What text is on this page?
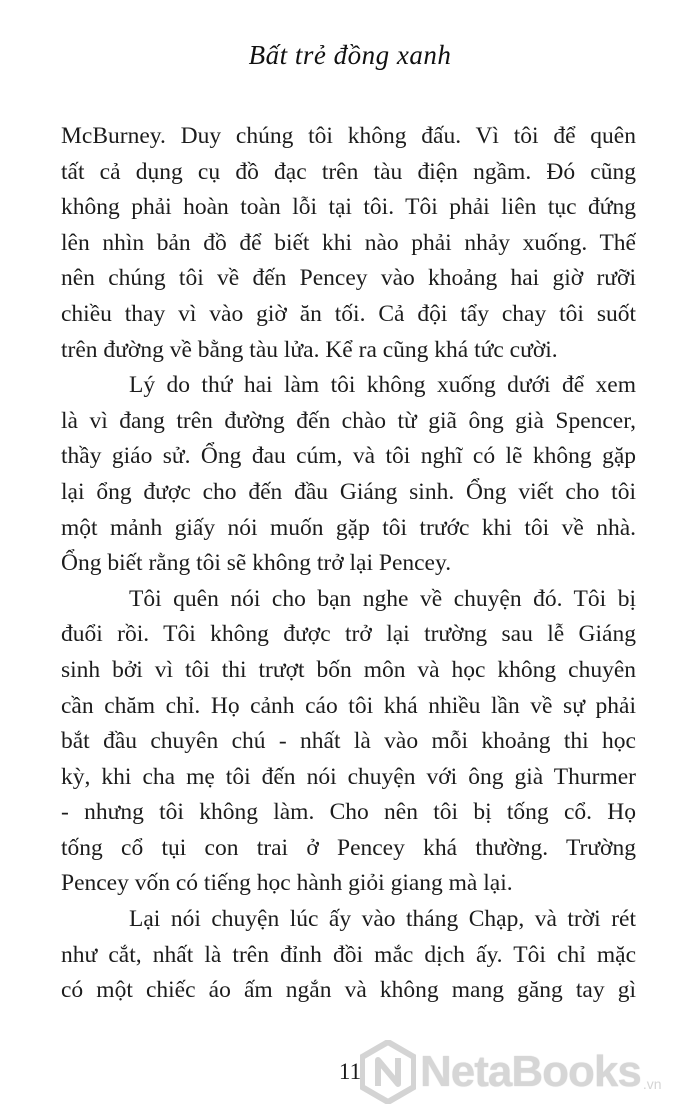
Bất trẻ đồng xanh
McBurney. Duy chúng tôi không đấu. Vì tôi để quên
tất cả dụng cụ đồ đạc trên tàu điện ngầm. Đó cũng
không phải hoàn toàn lỗi tại tôi. Tôi phải liên tục đứng
lên nhìn bản đồ để biết khi nào phải nhảy xuống. Thế
nên chúng tôi về đến Pencey vào khoảng hai giờ rưỡi
chiều thay vì vào giờ ăn tối. Cả đội tẩy chay tôi suốt
trên đường về bằng tàu lửa. Kể ra cũng khá tức cười.
Lý do thứ hai làm tôi không xuống dưới để xem
là vì đang trên đường đến chào từ giã ông già Spencer,
thầy giáo sử. Ổng đau cúm, và tôi nghĩ có lẽ không gặp
lại ổng được cho đến đầu Giáng sinh. Ổng viết cho tôi
một mảnh giấy nói muốn gặp tôi trước khi tôi về nhà.
Ổng biết rằng tôi sẽ không trở lại Pencey.
Tôi quên nói cho bạn nghe về chuyện đó. Tôi bị
đuổi rồi. Tôi không được trở lại trường sau lễ Giáng
sinh bởi vì tôi thi trượt bốn môn và học không chuyên
cần chăm chỉ. Họ cảnh cáo tôi khá nhiều lần về sự phải
bắt đầu chuyên chú - nhất là vào mỗi khoảng thi học
kỳ, khi cha mẹ tôi đến nói chuyện với ông già Thurmer
- nhưng tôi không làm. Cho nên tôi bị tống cổ. Họ
tống cổ tụi con trai ở Pencey khá thường. Trường
Pencey vốn có tiếng học hành giỏi giang mà lại.
Lại nói chuyện lúc ấy vào tháng Chạp, và trời rét
như cắt, nhất là trên đỉnh đồi mắc dịch ấy. Tôi chỉ mặc
có một chiếc áo ấm ngắn và không mang găng tay gì
11	NetaBooks .vn
